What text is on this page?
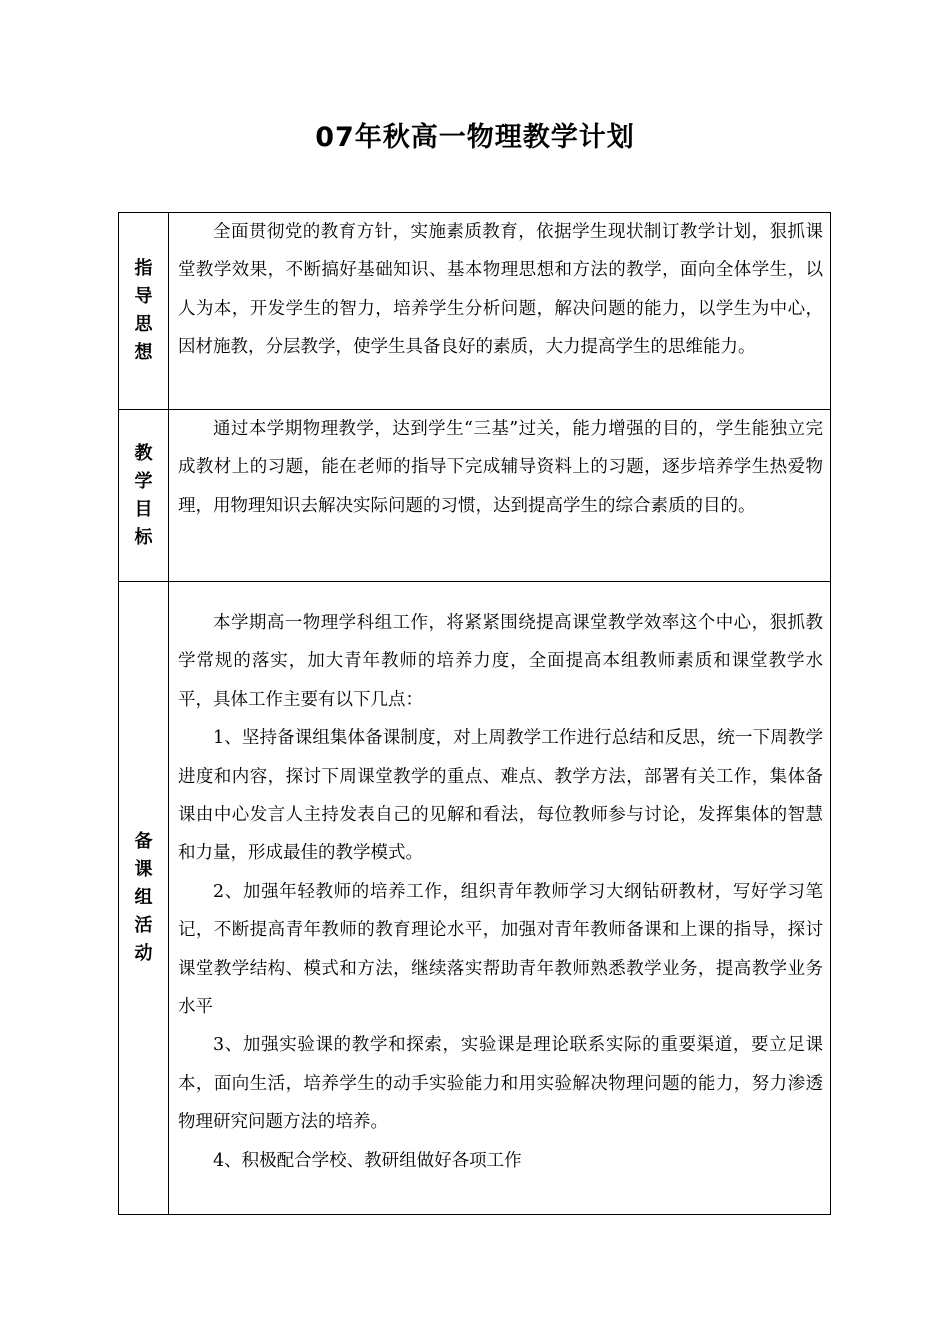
07年秋高一物理教学计划
指导思想	全面贯彻党的教育方针，实施素质教育，依据学生现状制订教学计划，狠抓课堂教学效果，不断搞好基础知识、基本物理思想和方法的教学，面向全体学生，以人为本，开发学生的智力，培养学生分析问题，解决问题的能力，以学生为中心，因材施教，分层教学，使学生具备良好的素质，大力提高学生的思维能力。

教学目标	通过本学期物理教学，达到学生“三基”过关，能力增强的目的，学生能独立完成教材上的习题，能在老师的指导下完成辅导资料上的习题，逐步培养学生热爱物理，用物理知识去解决实际问题的习惯，达到提高学生的综合素质的目的。

备课组活动	本学期高一物理学科组工作，将紧紧围绕提高课堂教学效率这个中心，狠抓教学常规的落实，加大青年教师的培养力度，全面提高本组教师素质和课堂教学水平，具体工作主要有以下几点：

1、坚持备课组集体备课制度，对上周教学工作进行总结和反思，统一下周教学进度和内容，探讨下周课堂教学的重点、难点、教学方法，部署有关工作，集体备课由中心发言人主持发表自己的见解和看法，每位教师参与讨论，发挥集体的智慧和力量，形成最佳的教学模式。

2、加强年轻教师的培养工作，组织青年教师学习大纲钻研教材，写好学习笔记，不断提高青年教师的教育理论水平，加强对青年教师备课和上课的指导，探讨课堂教学结构、模式和方法，继续落实帮助青年教师熟悉教学业务，提高教学业务水平

3、加强实验课的教学和探索，实验课是理论联系实际的重要渠道，要立足课本，面向生活，培养学生的动手实验能力和用实验解决物理问题的能力，努力渗透物理研究问题方法的培养。

4、积极配合学校、教研组做好各项工作
